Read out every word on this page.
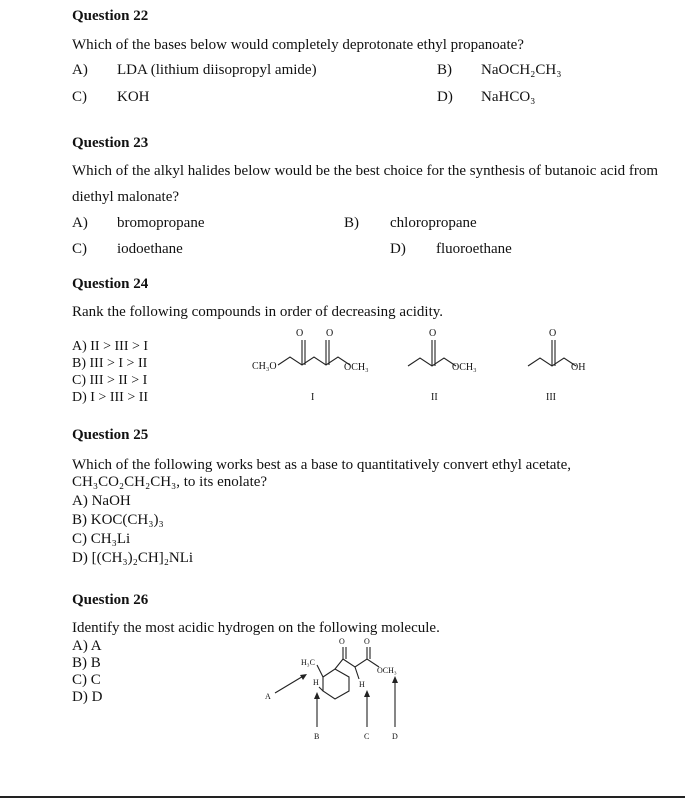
Question 22
Which of the bases below would completely deprotonate ethyl propanoate?
A) LDA (lithium diisopropyl amide)	B) NaOCH₂CH₃
C) KOH	D) NaHCO₃
Question 23
Which of the alkyl halides below would be the best choice for the synthesis of butanoic acid from
diethyl malonate?
A) bromopropane	B) chloropropane
C) iodoethane	D) fluoroethane
Question 24
Rank the following compounds in order of decreasing acidity.
A) II > III > I
B) III > I > II
C) III > II > I
D) I > III > II
O O
CH₃O	OCH₃
I
O
OCH₃
II
O
OH
III
Question 25
Which of the following works best as a base to quantitatively convert ethyl acetate,
CH₃CO₂CH₂CH₃, to its enolate?
A) NaOH
B) KOC(CH₃)₃
C) CH₃Li
D) [(CH₃)₂CH]₂NLi
Question 26
Identify the most acidic hydrogen on the following molecule.
A) A
B) B
C) C
D) D
O O
H₃C
OCH₃
H	H
A
B	C	D
